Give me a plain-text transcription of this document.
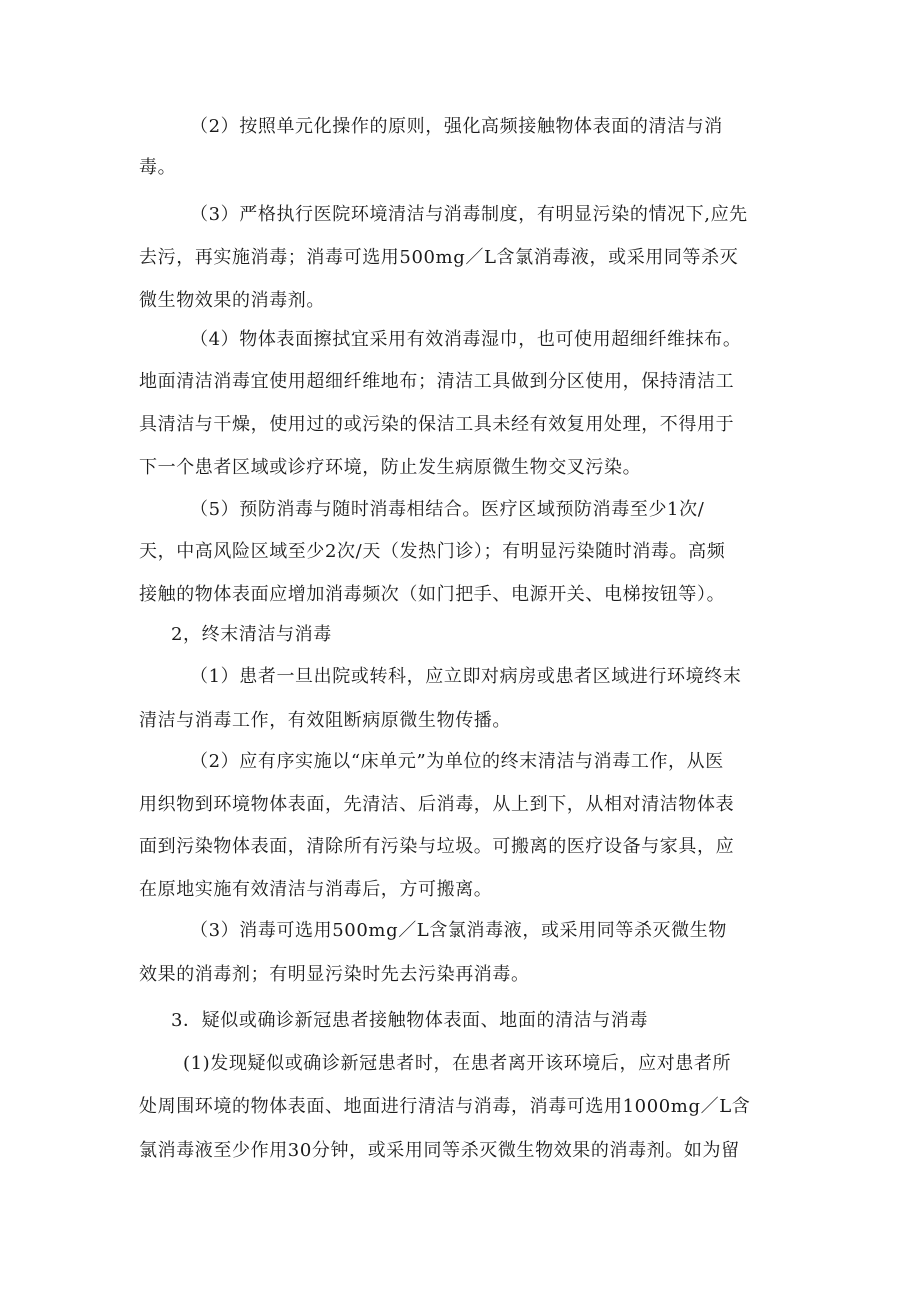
（2）按照单元化操作的原则，强化高频接触物体表面的清洁与消
毒。
（3）严格执行医院环境清洁与消毒制度，有明显污染的情况下,应先
去污，再实施消毒；消毒可选用500mg／L含氯消毒液，或采用同等杀灭
微生物效果的消毒剂。
（4）物体表面擦拭宜采用有效消毒湿巾，也可使用超细纤维抹布。
地面清洁消毒宜使用超细纤维地布；清洁工具做到分区使用，保持清洁工
具清洁与干燥，使用过的或污染的保洁工具未经有效复用处理，不得用于
下一个患者区域或诊疗环境，防止发生病原微生物交叉污染。
（5）预防消毒与随时消毒相结合。医疗区域预防消毒至少1次/
天，中高风险区域至少2次/天（发热门诊）；有明显污染随时消毒。高频
接触的物体表面应增加消毒频次（如门把手、电源开关、电梯按钮等）。
2，终末清洁与消毒
（1）患者一旦出院或转科，应立即对病房或患者区域进行环境终末
清洁与消毒工作，有效阻断病原微生物传播。
（2）应有序实施以“床单元”为单位的终末清洁与消毒工作，从医
用织物到环境物体表面，先清洁、后消毒，从上到下，从相对清洁物体表
面到污染物体表面，清除所有污染与垃圾。可搬离的医疗设备与家具，应
在原地实施有效清洁与消毒后，方可搬离。
（3）消毒可选用500mg／L含氯消毒液，或采用同等杀灭微生物
效果的消毒剂；有明显污染时先去污染再消毒。
3．疑似或确诊新冠患者接触物体表面、地面的清洁与消毒
(1)发现疑似或确诊新冠患者时，在患者离开该环境后，应对患者所
处周围环境的物体表面、地面进行清洁与消毒，消毒可选用1000mg／L含
氯消毒液至少作用30分钟，或采用同等杀灭微生物效果的消毒剂。如为留
